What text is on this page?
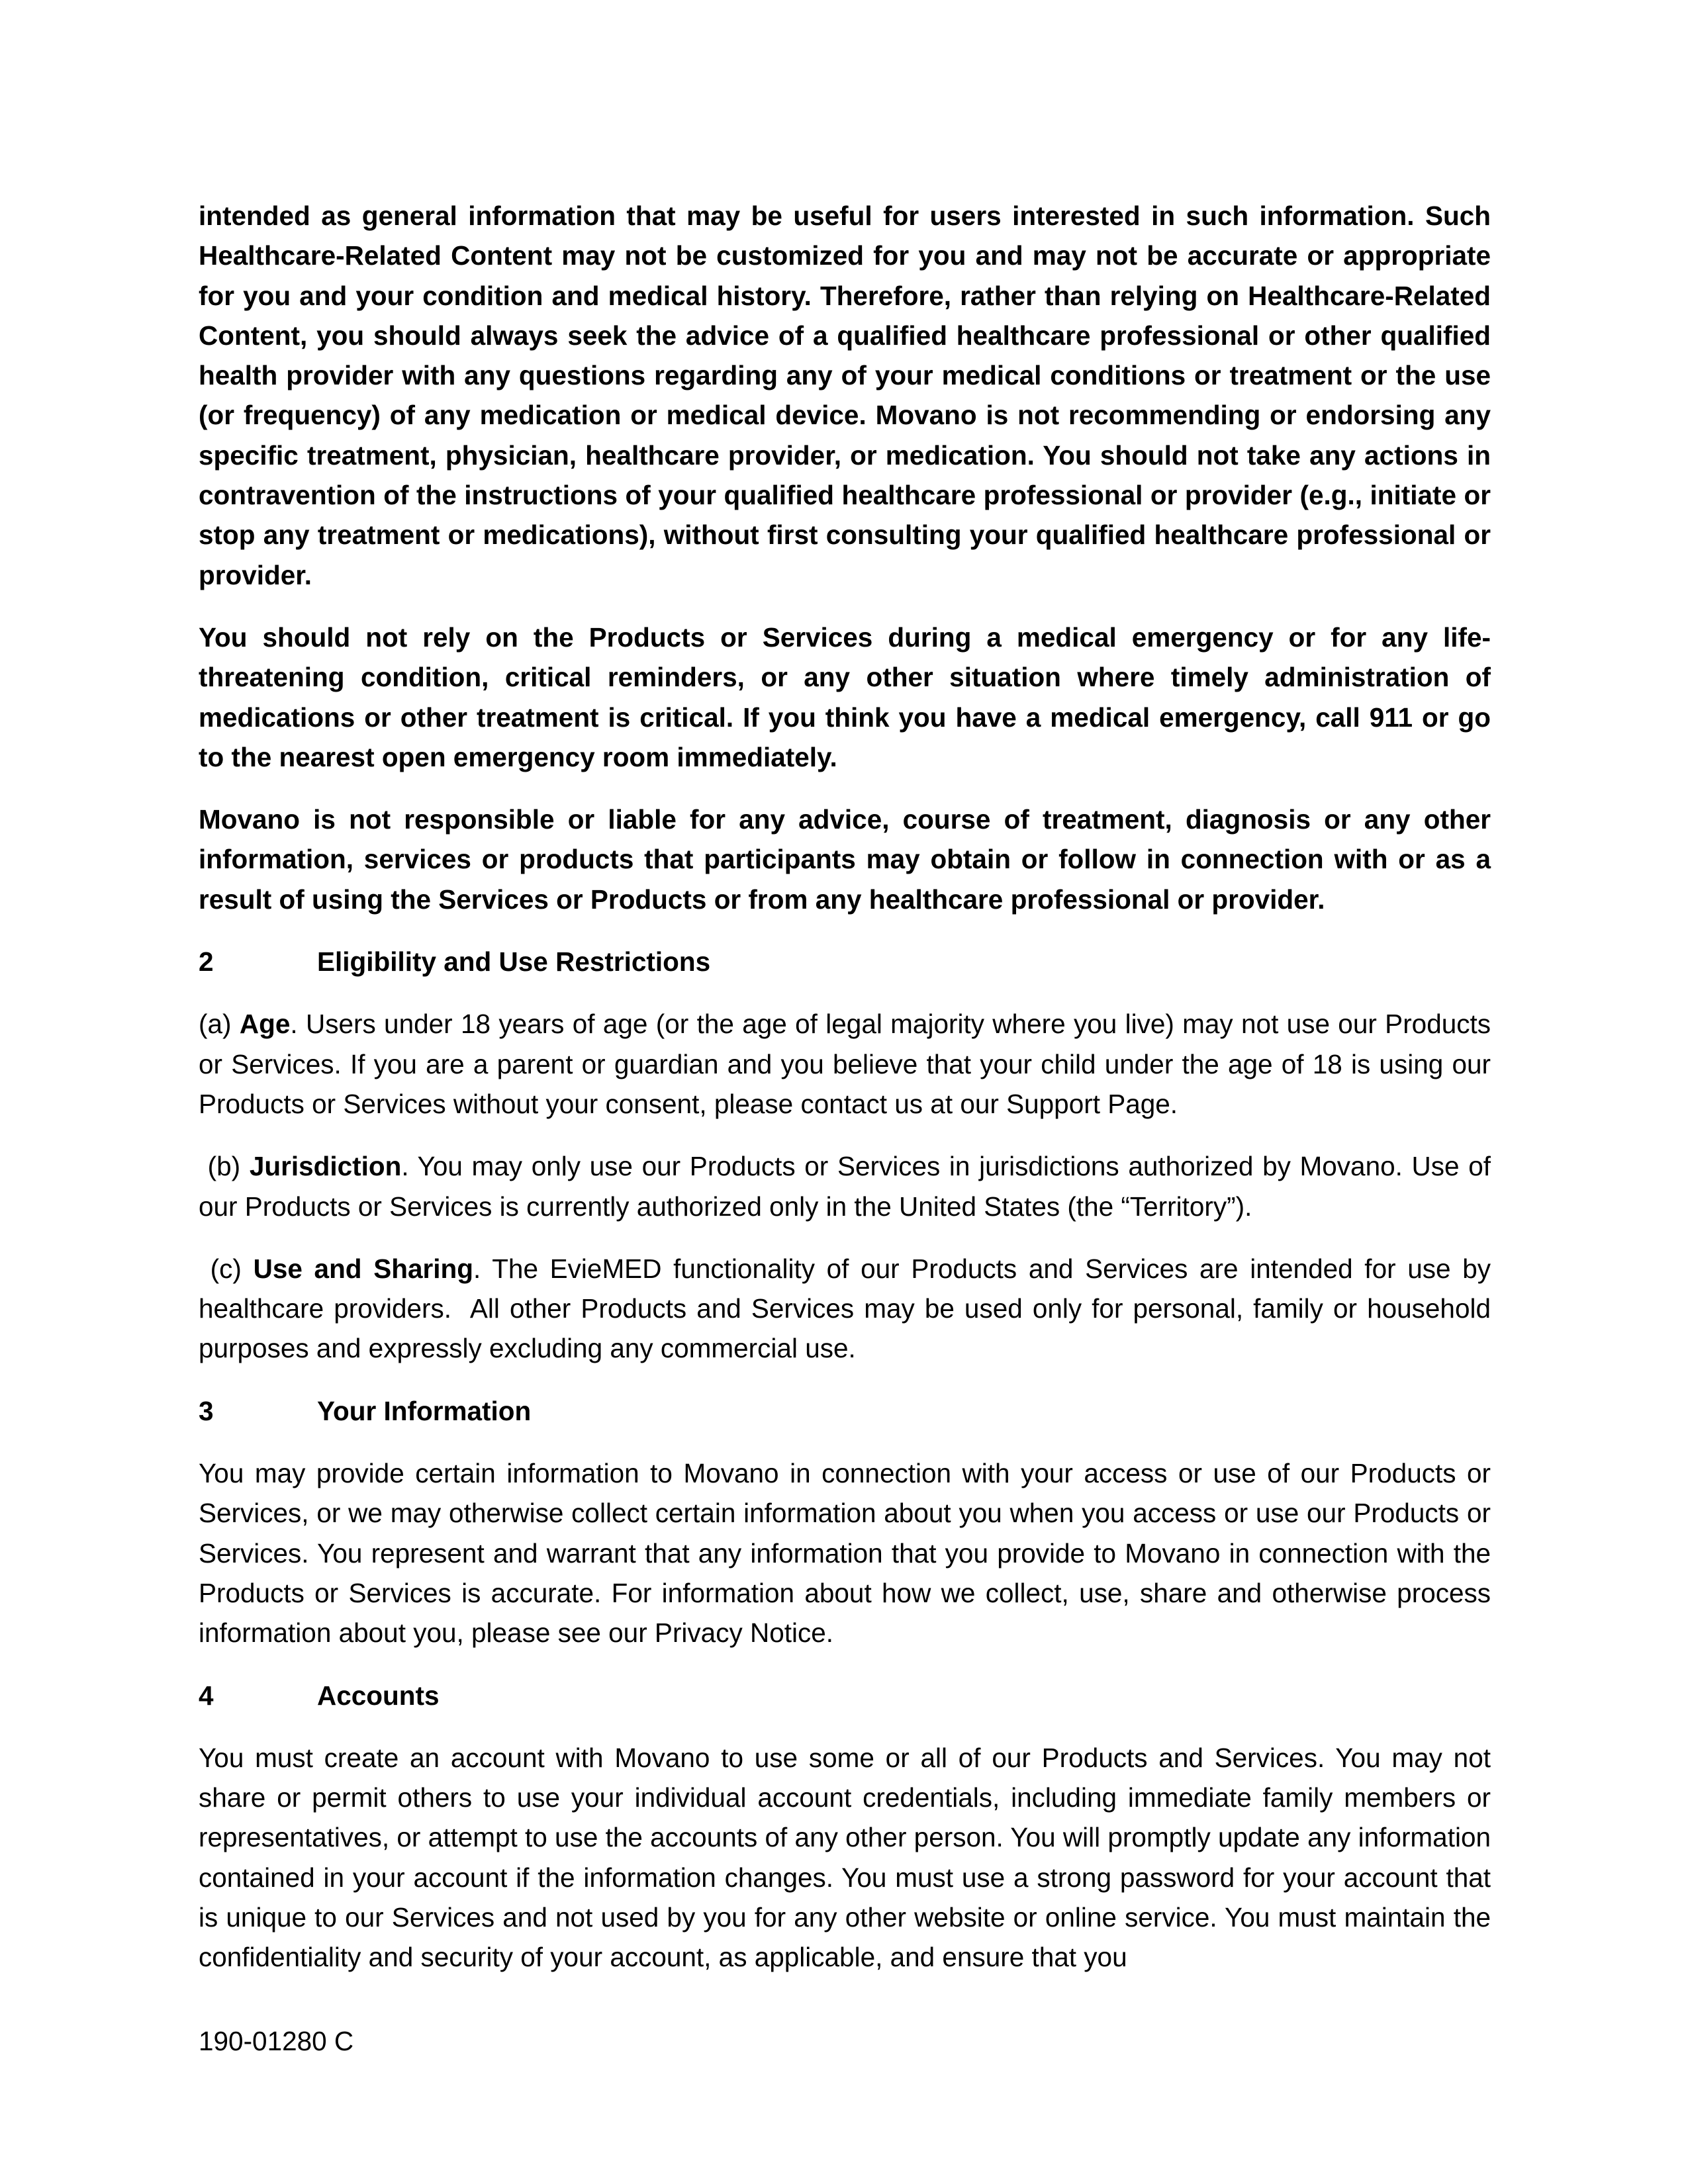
intended as general information that may be useful for users interested in such information. Such Healthcare-Related Content may not be customized for you and may not be accurate or appropriate for you and your condition and medical history. Therefore, rather than relying on Healthcare-Related Content, you should always seek the advice of a qualified healthcare professional or other qualified health provider with any questions regarding any of your medical conditions or treatment or the use (or frequency) of any medication or medical device. Movano is not recommending or endorsing any specific treatment, physician, healthcare provider, or medication. You should not take any actions in contravention of the instructions of your qualified healthcare professional or provider (e.g., initiate or stop any treatment or medications), without first consulting your qualified healthcare professional or provider.

You should not rely on the Products or Services during a medical emergency or for any life-threatening condition, critical reminders, or any other situation where timely administration of medications or other treatment is critical. If you think you have a medical emergency, call 911 or go to the nearest open emergency room immediately.

Movano is not responsible or liable for any advice, course of treatment, diagnosis or any other information, services or products that participants may obtain or follow in connection with or as a result of using the Services or Products or from any healthcare professional or provider.

2	Eligibility and Use Restrictions

(a) Age. Users under 18 years of age (or the age of legal majority where you live) may not use our Products or Services. If you are a parent or guardian and you believe that your child under the age of 18 is using our Products or Services without your consent, please contact us at our Support Page.

(b) Jurisdiction. You may only use our Products or Services in jurisdictions authorized by Movano. Use of our Products or Services is currently authorized only in the United States (the “Territory”).

(c) Use and Sharing. The EvieMED functionality of our Products and Services are intended for use by healthcare providers.  All other Products and Services may be used only for personal, family or household purposes and expressly excluding any commercial use.

3	Your Information

You may provide certain information to Movano in connection with your access or use of our Products or Services, or we may otherwise collect certain information about you when you access or use our Products or Services. You represent and warrant that any information that you provide to Movano in connection with the Products or Services is accurate. For information about how we collect, use, share and otherwise process information about you, please see our Privacy Notice.

4	Accounts

You must create an account with Movano to use some or all of our Products and Services. You may not share or permit others to use your individual account credentials, including immediate family members or representatives, or attempt to use the accounts of any other person. You will promptly update any information contained in your account if the information changes. You must use a strong password for your account that is unique to our Services and not used by you for any other website or online service. You must maintain the confidentiality and security of your account, as applicable, and ensure that you

190-01280 C
